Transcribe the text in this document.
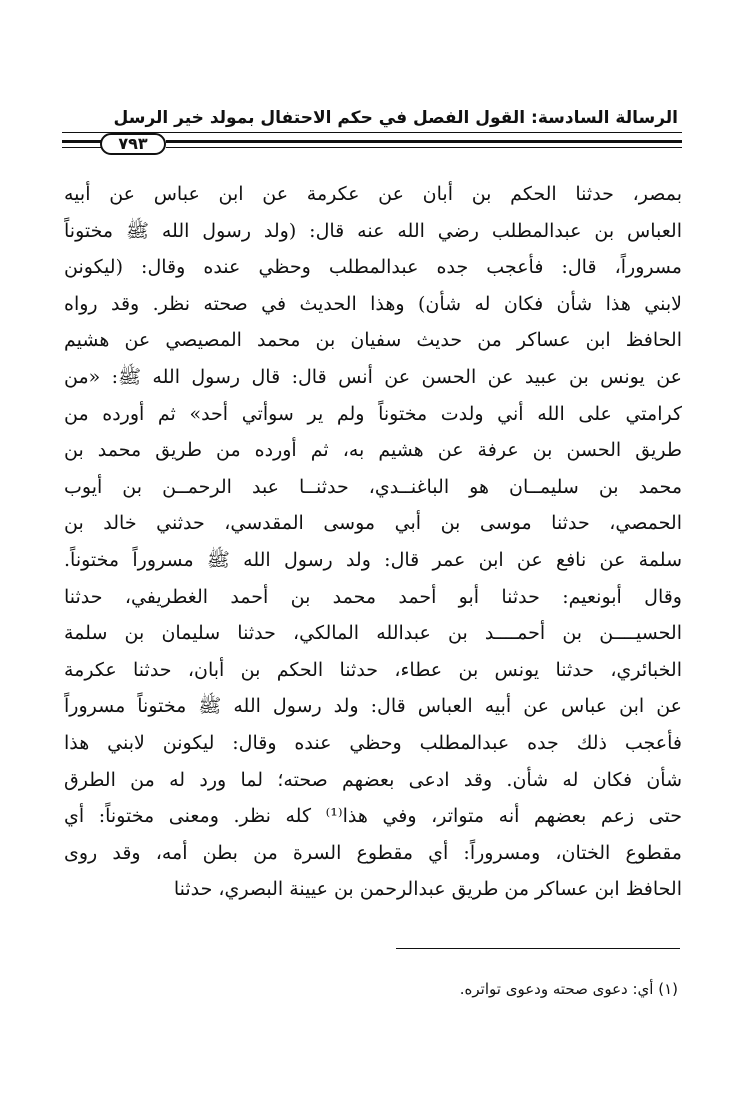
الرسالة السادسة: القول الفصل في حكم الاحتفال بمولد خير الرسل
٧٩٣
بمصر، حدثنا الحكم بن أبان عن عكرمة عن ابن عباس عن أبيه
العباس بن عبدالمطلب رضي الله عنه قال: (ولد رسول الله ﷺ مختوناً
مسروراً، قال: فأعجب جده عبدالمطلب وحظي عنده وقال: (ليكونن
لابني هذا شأن فكان له شأن) وهذا الحديث في صحته نظر. وقد رواه
الحافظ ابن عساكر من حديث سفيان بن محمد المصيصي عن هشيم
عن يونس بن عبيد عن الحسن عن أنس قال: قال رسول الله ﷺ: «من
كرامتي على الله أني ولدت مختوناً ولم ير سوأتي أحد» ثم أورده من
طريق الحسن بن عرفة عن هشيم به، ثم أورده من طريق محمد بن
محمد بن سليمــان هو الباغنــدي، حدثنــا عبد الرحمــن بن أيوب
الحمصي، حدثنا موسى بن أبي موسى المقدسي، حدثني خالد بن
سلمة عن نافع عن ابن عمر قال: ولد رسول الله ﷺ مسروراً مختوناً.
وقال أبونعيم: حدثنا أبو أحمد محمد بن أحمد الغطريفي، حدثنا
الحسيــــن بن أحمــــد بن عبدالله المالكي، حدثنا سليمان بن سلمة
الخبائري، حدثنا يونس بن عطاء، حدثنا الحكم بن أبان، حدثنا عكرمة
عن ابن عباس عن أبيه العباس قال: ولد رسول الله ﷺ مختوناً مسروراً
فأعجب ذلك جده عبدالمطلب وحظي عنده وقال: ليكونن لابني هذا
شأن فكان له شأن. وقد ادعى بعضهم صحته؛ لما ورد له من الطرق
حتى زعم بعضهم أنه متواتر، وفي هذا⁽¹⁾ كله نظر. ومعنى مختوناً: أي
مقطوع الختان، ومسروراً: أي مقطوع السرة من بطن أمه، وقد روى
الحافظ ابن عساكر من طريق عبدالرحمن بن عيينة البصري، حدثنا
(١) أي: دعوى صحته ودعوى تواتره.
